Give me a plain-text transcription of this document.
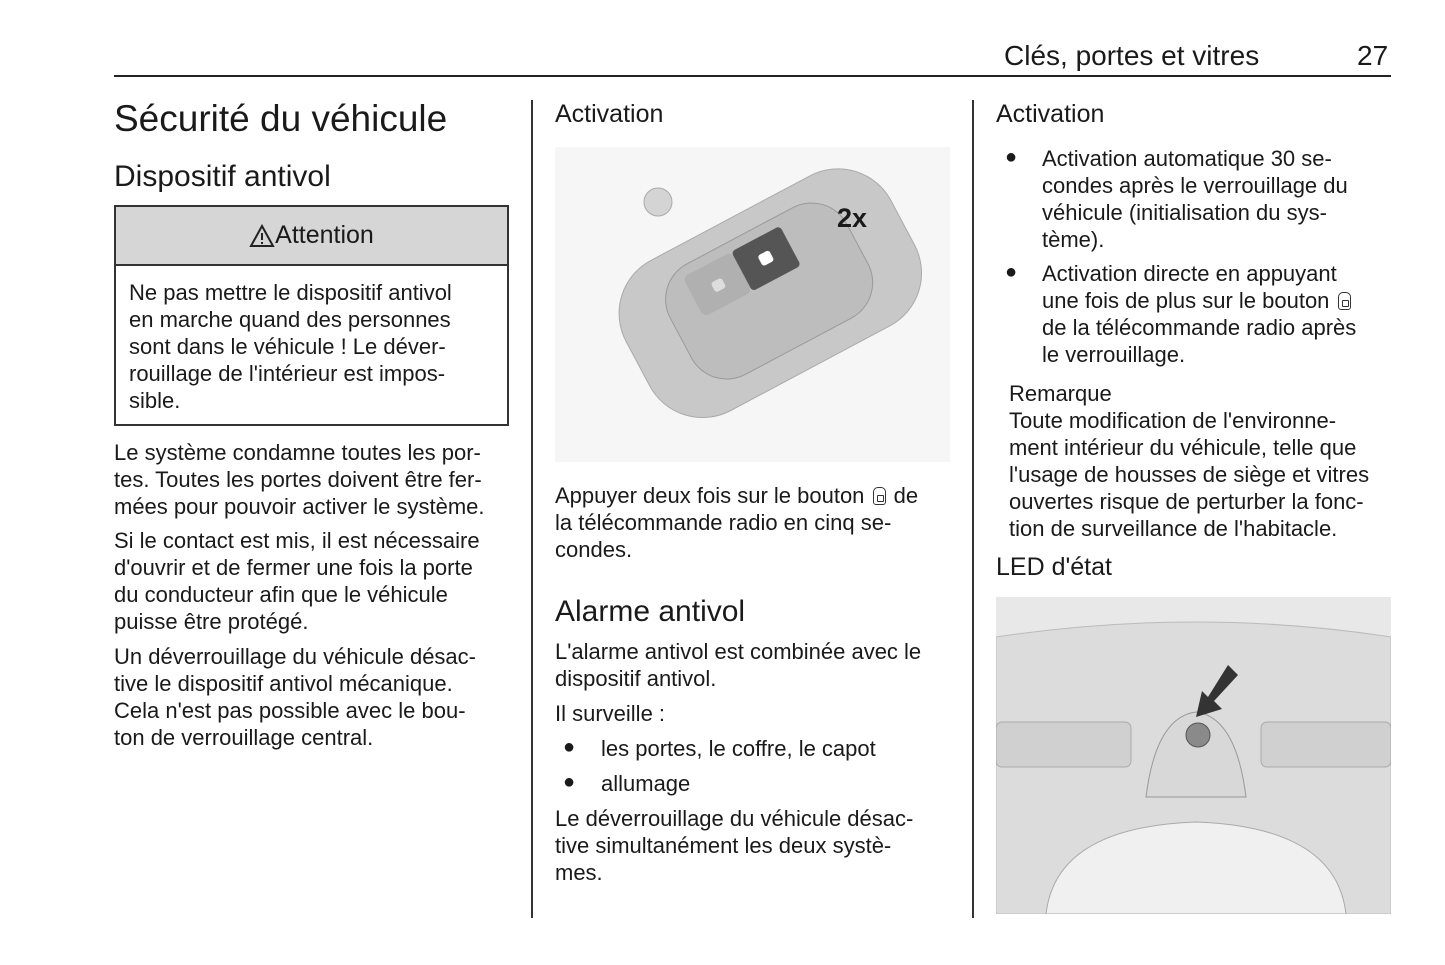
Clés, portes et vitres	27
Sécurité du véhicule
Dispositif antivol
Attention
Ne pas mettre le dispositif antivol
en marche quand des personnes
sont dans le véhicule ! Le déver-
rouillage de l'intérieur est impos-
sible.
Le système condamne toutes les por-
tes. Toutes les portes doivent être fer-
mées pour pouvoir activer le système.
Si le contact est mis, il est nécessaire
d'ouvrir et de fermer une fois la porte
du conducteur afin que le véhicule
puisse être protégé.
Un déverrouillage du véhicule désac-
tive le dispositif antivol mécanique.
Cela n'est pas possible avec le bou-
ton de verrouillage central.
Activation
2x
Appuyer deux fois sur le bouton de
la télécommande radio en cinq se-
condes.
Alarme antivol
L'alarme antivol est combinée avec le
dispositif antivol.
Il surveille :
● les portes, le coffre, le capot
● allumage
Le déverrouillage du véhicule désac-
tive simultanément les deux systè-
mes.
Activation
● Activation automatique 30 se-
condes après le verrouillage du
véhicule (initialisation du sys-
tème).
● Activation directe en appuyant
une fois de plus sur le bouton
de la télécommande radio après
le verrouillage.
Remarque
Toute modification de l'environne-
ment intérieur du véhicule, telle que
l'usage de housses de siège et vitres
ouvertes risque de perturber la fonc-
tion de surveillance de l'habitacle.
LED d'état
